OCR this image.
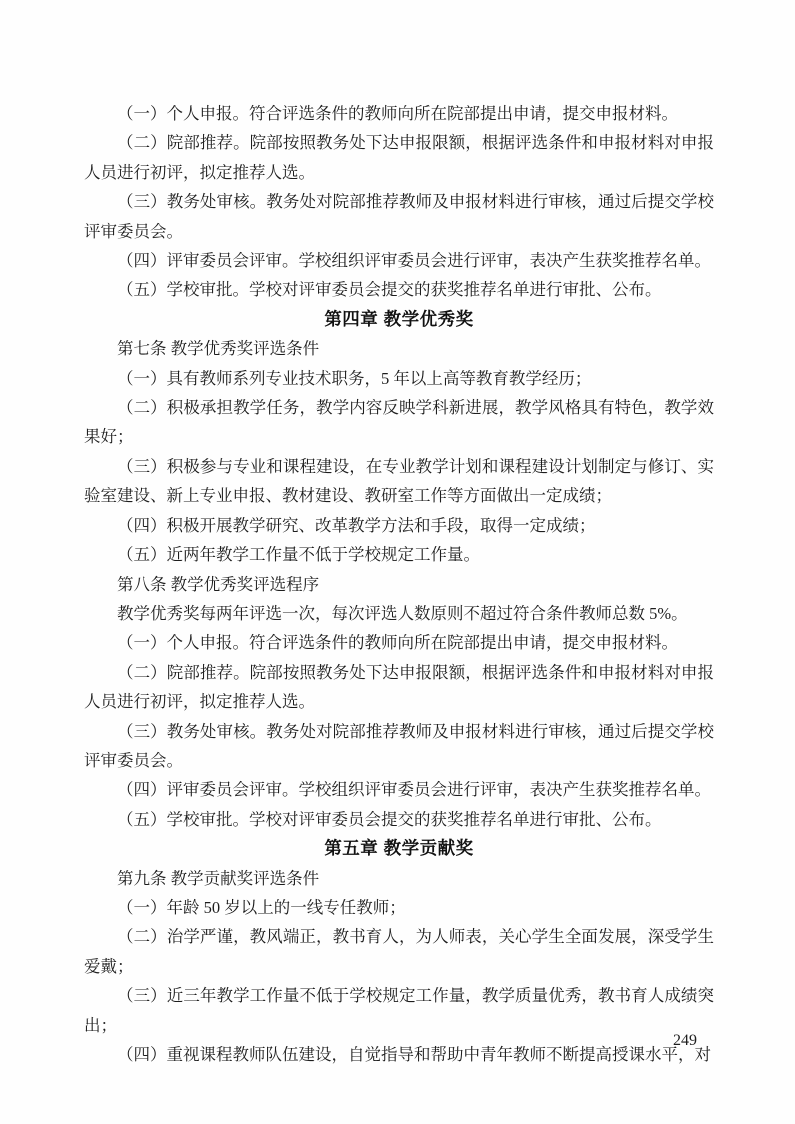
（一）个人申报。符合评选条件的教师向所在院部提出申请，提交申报材料。

（二）院部推荐。院部按照教务处下达申报限额，根据评选条件和申报材料对申报人员进行初评，拟定推荐人选。

（三）教务处审核。教务处对院部推荐教师及申报材料进行审核，通过后提交学校评审委员会。

（四）评审委员会评审。学校组织评审委员会进行评审，表决产生获奖推荐名单。

（五）学校审批。学校对评审委员会提交的获奖推荐名单进行审批、公布。

第四章 教学优秀奖

第七条 教学优秀奖评选条件

（一）具有教师系列专业技术职务，5 年以上高等教育教学经历；

（二）积极承担教学任务，教学内容反映学科新进展，教学风格具有特色，教学效果好；

（三）积极参与专业和课程建设，在专业教学计划和课程建设计划制定与修订、实验室建设、新上专业申报、教材建设、教研室工作等方面做出一定成绩；

（四）积极开展教学研究、改革教学方法和手段，取得一定成绩；

（五）近两年教学工作量不低于学校规定工作量。

第八条 教学优秀奖评选程序

教学优秀奖每两年评选一次，每次评选人数原则不超过符合条件教师总数 5%。

（一）个人申报。符合评选条件的教师向所在院部提出申请，提交申报材料。

（二）院部推荐。院部按照教务处下达申报限额，根据评选条件和申报材料对申报人员进行初评，拟定推荐人选。

（三）教务处审核。教务处对院部推荐教师及申报材料进行审核，通过后提交学校评审委员会。

（四）评审委员会评审。学校组织评审委员会进行评审，表决产生获奖推荐名单。

（五）学校审批。学校对评审委员会提交的获奖推荐名单进行审批、公布。

第五章 教学贡献奖

第九条 教学贡献奖评选条件

（一）年龄 50 岁以上的一线专任教师；

（二）治学严谨，教风端正，教书育人，为人师表，关心学生全面发展，深受学生爱戴；

（三）近三年教学工作量不低于学校规定工作量，教学质量优秀，教书育人成绩突出；

（四）重视课程教师队伍建设，自觉指导和帮助中青年教师不断提高授课水平，对

249
